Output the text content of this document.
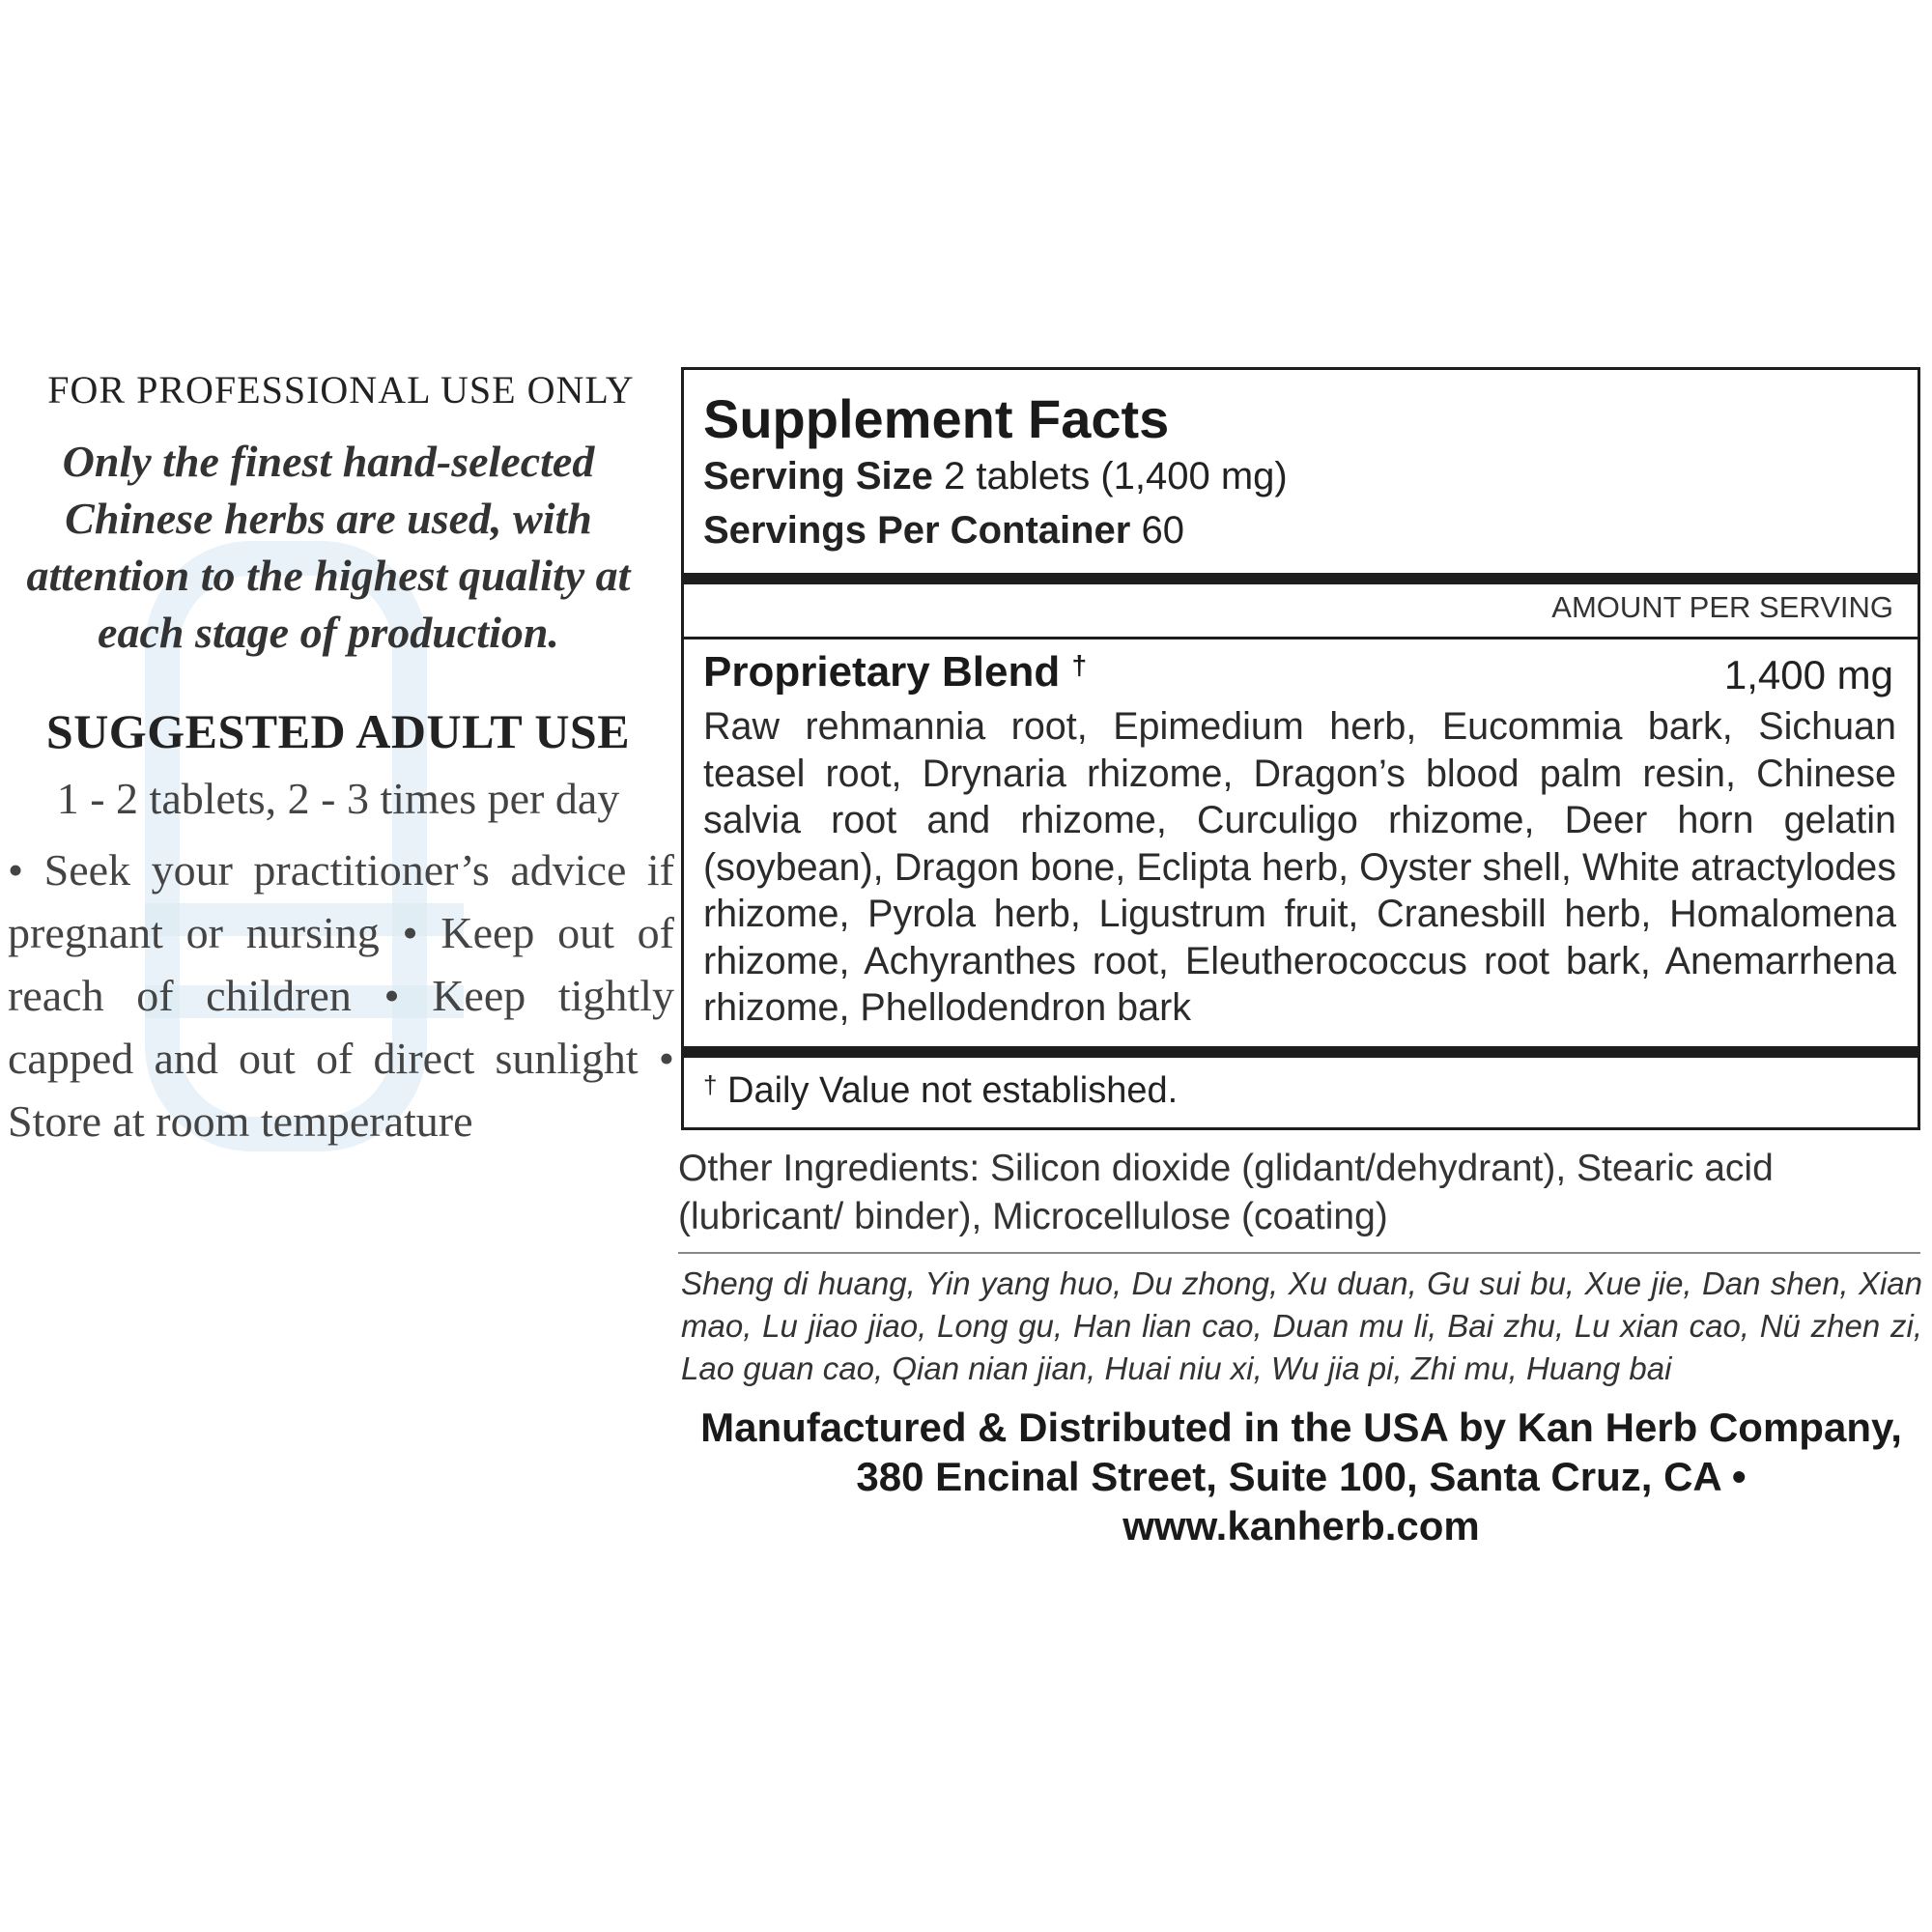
FOR PROFESSIONAL USE ONLY
Only the finest hand-selected Chinese herbs are used, with attention to the highest quality at each stage of production.
SUGGESTED ADULT USE
1 - 2 tablets, 2 - 3 times per day
• Seek your practitioner’s advice if pregnant or nursing • Keep out of reach of children • Keep tightly capped and out of direct sunlight • Store at room temperature
Supplement Facts
Serving Size 2 tablets (1,400 mg)
Servings Per Container 60
AMOUNT PER SERVING
Proprietary Blend †	1,400 mg
Raw rehmannia root, Epimedium herb, Eucommia bark, Sichuan teasel root, Drynaria rhizome, Dragon’s blood palm resin, Chinese salvia root and rhizome, Curculigo rhizome, Deer horn gelatin (soybean), Dragon bone, Eclipta herb, Oyster shell, White atractylodes rhizome, Pyrola herb, Ligustrum fruit, Cranesbill herb, Homalomena rhizome, Achyranthes root, Eleutherococcus root bark, Anemarrhena rhizome, Phellodendron bark
† Daily Value not established.
Other Ingredients: Silicon dioxide (glidant/dehydrant), Stearic acid (lubricant/ binder), Microcellulose (coating)
Sheng di huang, Yin yang huo, Du zhong, Xu duan, Gu sui bu, Xue jie, Dan shen, Xian mao, Lu jiao jiao, Long gu, Han lian cao, Duan mu li, Bai zhu, Lu xian cao, Nü zhen zi, Lao guan cao, Qian nian jian, Huai niu xi, Wu jia pi, Zhi mu, Huang bai
Manufactured & Distributed in the USA by Kan Herb Company,
380 Encinal Street, Suite 100, Santa Cruz, CA • www.kanherb.com
